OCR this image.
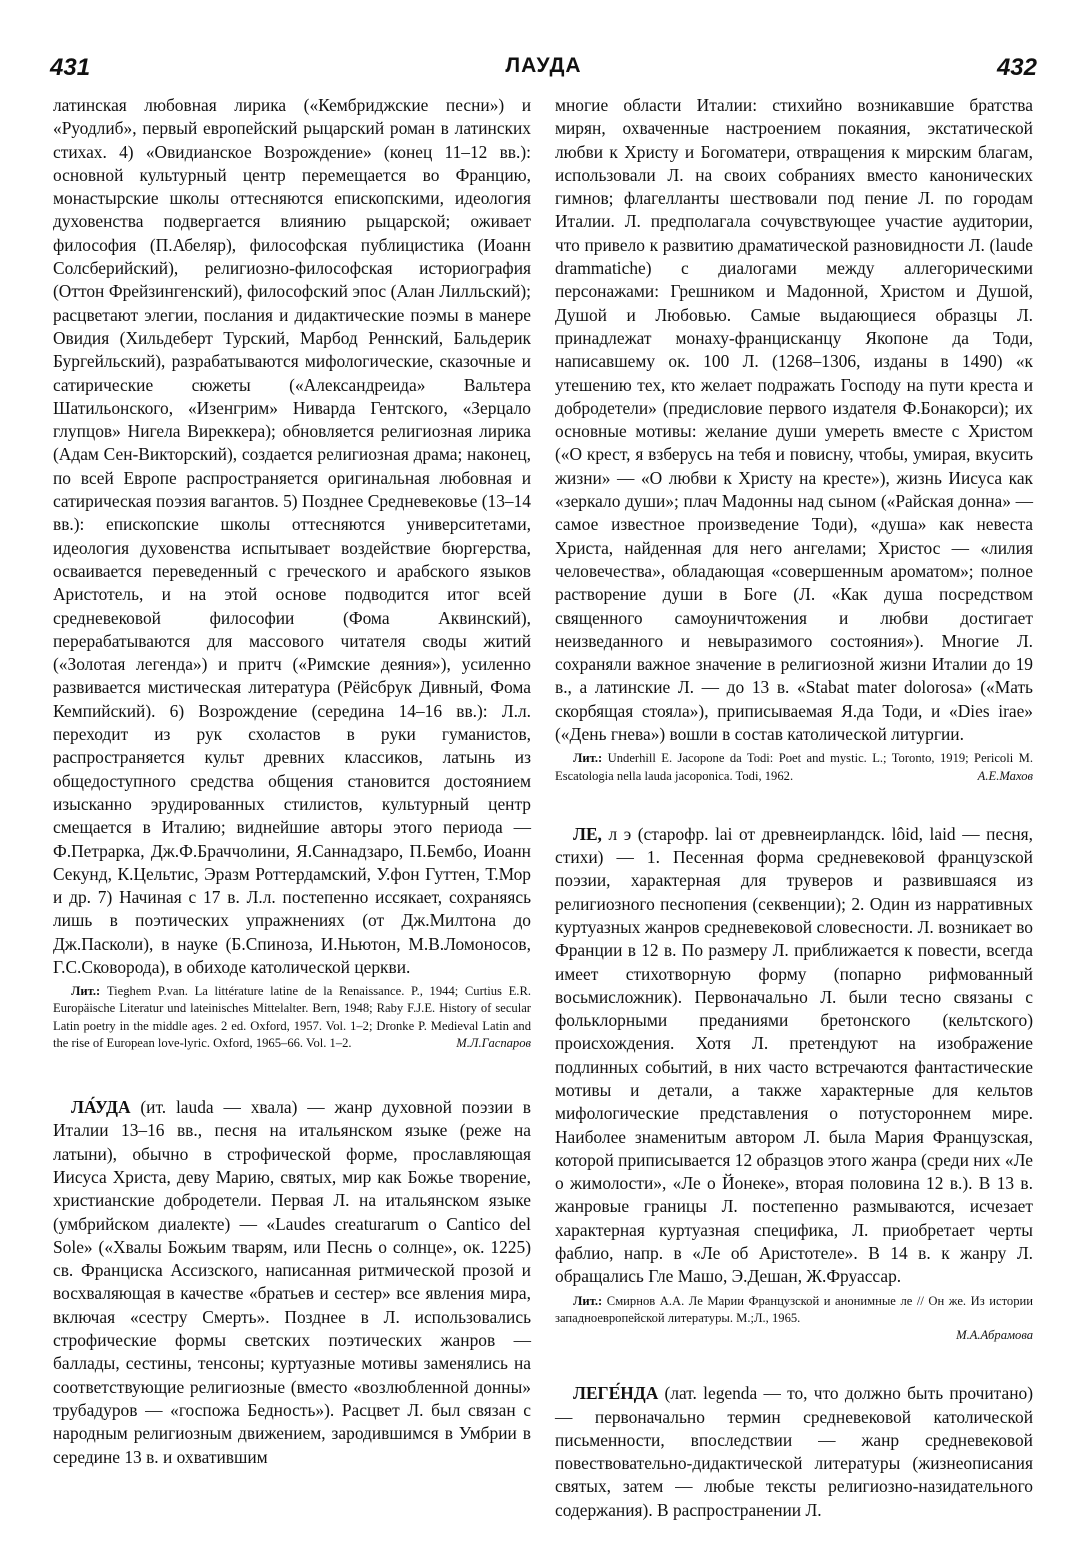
431	ЛАУДА	432

латинская любовная лирика («Кембриджские песни») и «Руодлиб», первый европейский рыцарский роман в латинских стихах. 4) «Овидианское Возрождение» (конец 11–12 вв.): основной культурный центр перемещается во Францию, монастырские школы оттесняются епископскими, идеология духовенства подвергается влиянию рыцарской; оживает философия (П.Абеляр), философская публицистика (Иоанн Солсберийский), религиозно-философская историография (Оттон Фрейзингенский), философский эпос (Алан Лилльский); расцветают элегии, послания и дидактические поэмы в манере Овидия (Хильдеберт Турский, Марбод Реннский, Бальдерик Бургейльский), разрабатываются мифологические, сказочные и сатирические сюжеты («Александреида» Вальтера Шатильонского, «Изенгрим» Ниварда Гентского, «Зерцало глупцов» Нигела Виреккера); обновляется религиозная лирика (Адам Сен-Викторский), создается религиозная драма; наконец, по всей Европе распространяется оригинальная любовная и сатирическая поэзия вагантов. 5) Позднее Средневековье (13–14 вв.): епископские школы оттесняются университетами, идеология духовенства испытывает воздействие бюргерства, осваивается переведенный с греческого и арабского языков Аристотель, и на этой основе подводится итог всей средневековой философии (Фома Аквинский), перерабатываются для массового читателя своды житий («Золотая легенда») и притч («Римские деяния»), усиленно развивается мистическая литература (Рёйсбрук Дивный, Фома Кемпийский). 6) Возрождение (середина 14–16 вв.): Л.л. переходит из рук схоластов в руки гуманистов, распространяется культ древних классиков, латынь из общедоступного средства общения становится достоянием изысканно эрудированных стилистов, культурный центр смещается в Италию; виднейшие авторы этого периода — Ф.Петрарка, Дж.Ф.Браччолини, Я.Саннадзаро, П.Бембо, Иоанн Секунд, К.Цельтис, Эразм Роттердамский, У.фон Гуттен, Т.Мор и др. 7) Начиная с 17 в. Л.л. постепенно иссякает, сохраняясь лишь в поэтических упражнениях (от Дж.Милтона до Дж.Пасколи), в науке (Б.Спиноза, И.Ньютон, М.В.Ломоносов, Г.С.Сковорода), в обиходе католической церкви.

Лит.: Tieghem P.van. La littérature latine de la Renaissance. P., 1944; Curtius E.R. Europäische Literatur und lateinisches Mittelalter. Bern, 1948; Raby F.J.E. History of secular Latin poetry in the middle ages. 2 ed. Oxford, 1957. Vol. 1–2; Dronke P. Medieval Latin and the rise of European love-lyric. Oxford, 1965–66. Vol. 1–2.	М.Л.Гаспаров

ЛА́УДА (ит. lauda — хвала) — жанр духовной поэзии в Италии 13–16 вв., песня на итальянском языке (реже на латыни), обычно в строфической форме, прославляющая Иисуса Христа, деву Марию, святых, мир как Божье творение, христианские добродетели. Первая Л. на итальянском языке (умбрийском диалекте) — «Laudes creaturarum o Cantico del Sole» («Хвалы Божьим тварям, или Песнь о солнце», ок. 1225) св. Франциска Ассизского, написанная ритмической прозой и восхваляющая в качестве «братьев и сестер» все явления мира, включая «сестру Смерть». Позднее в Л. использовались строфические формы светских поэтических жанров — баллады, сестины, тенсоны; куртуазные мотивы заменялись на соответствующие религиозные (вместо «возлюбленной донны» трубадуров — «госпожа Бедность»). Расцвет Л. был связан с народным религиозным движением, зародившимся в Умбрии в середине 13 в. и охватившим

многие области Италии: стихийно возникавшие братства мирян, охваченные настроением покаяния, экстатической любви к Христу и Богоматери, отвращения к мирским благам, использовали Л. на своих собраниях вместо канонических гимнов; флагелланты шествовали под пение Л. по городам Италии. Л. предполагала сочувствующее участие аудитории, что привело к развитию драматической разновидности Л. (laude drammatiche) с диалогами между аллегорическими персонажами: Грешником и Мадонной, Христом и Душой, Душой и Любовью. Самые выдающиеся образцы Л. принадлежат монаху-францисканцу Якопоне да Тоди, написавшему ок. 100 Л. (1268–1306, изданы в 1490) «к утешению тех, кто желает подражать Господу на пути креста и добродетели» (предисловие первого издателя Ф.Бонакорси); их основные мотивы: желание души умереть вместе с Христом («О крест, я взберусь на тебя и повисну, чтобы, умирая, вкусить жизни» — «О любви к Христу на кресте»), жизнь Иисуса как «зеркало души»; плач Мадонны над сыном («Райская донна» — самое известное произведение Тоди), «душа» как невеста Христа, найденная для него ангелами; Христос — «лилия человечества», обладающая «совершенным ароматом»; полное растворение души в Боге (Л. «Как душа посредством священного самоуничтожения и любви достигает неизведанного и невыразимого состояния»). Многие Л. сохраняли важное значение в религиозной жизни Италии до 19 в., а латинские Л. — до 13 в. «Stabat mater dolorosa» («Мать скорбящая стояла»), приписываемая Я.да Тоди, и «Dies irae» («День гнева») вошли в состав католической литургии.

Лит.: Underhill E. Jacopone da Todi: Poet and mystic. L.; Toronto, 1919; Pericoli M. Escatologia nella lauda jacoponica. Todi, 1962.	А.Е.Махов

ЛЕ, л э (старофр. lai от древнеирландск. lôid, laid — песня, стихи) — 1. Песенная форма средневековой французской поэзии, характерная для труверов и развившаяся из религиозного песнопения (секвенции); 2. Один из нарративных куртуазных жанров средневековой словесности. Л. возникает во Франции в 12 в. По размеру Л. приближается к повести, всегда имеет стихотворную форму (попарно рифмованный восьмисложник). Первоначально Л. были тесно связаны с фольклорными преданиями бретонского (кельтского) происхождения. Хотя Л. претендуют на изображение подлинных событий, в них часто встречаются фантастические мотивы и детали, а также характерные для кельтов мифологические представления о потустороннем мире. Наиболее знаменитым автором Л. была Мария Французская, которой приписывается 12 образцов этого жанра (среди них «Ле о жимолости», «Ле о Йонеке», вторая половина 12 в.). В 13 в. жанровые границы Л. постепенно размываются, исчезает характерная куртуазная специфика, Л. приобретает черты фаблио, напр. в «Ле об Аристотеле». В 14 в. к жанру Л. обращались Гле Машо, Э.Дешан, Ж.Фруассар.

Лит.: Смирнов А.А. Ле Марии Французской и анонимные ле // Он же. Из истории западноевропейской литературы. М.;Л., 1965.
М.А.Абрамова

ЛЕГЕ́НДА (лат. legenda — то, что должно быть прочитано) — первоначально термин средневековой католической письменности, впоследствии — жанр средневековой повествовательно-дидактической литературы (жизнеописания святых, затем — любые тексты религиозно-назидательного содержания). В распространении Л.
